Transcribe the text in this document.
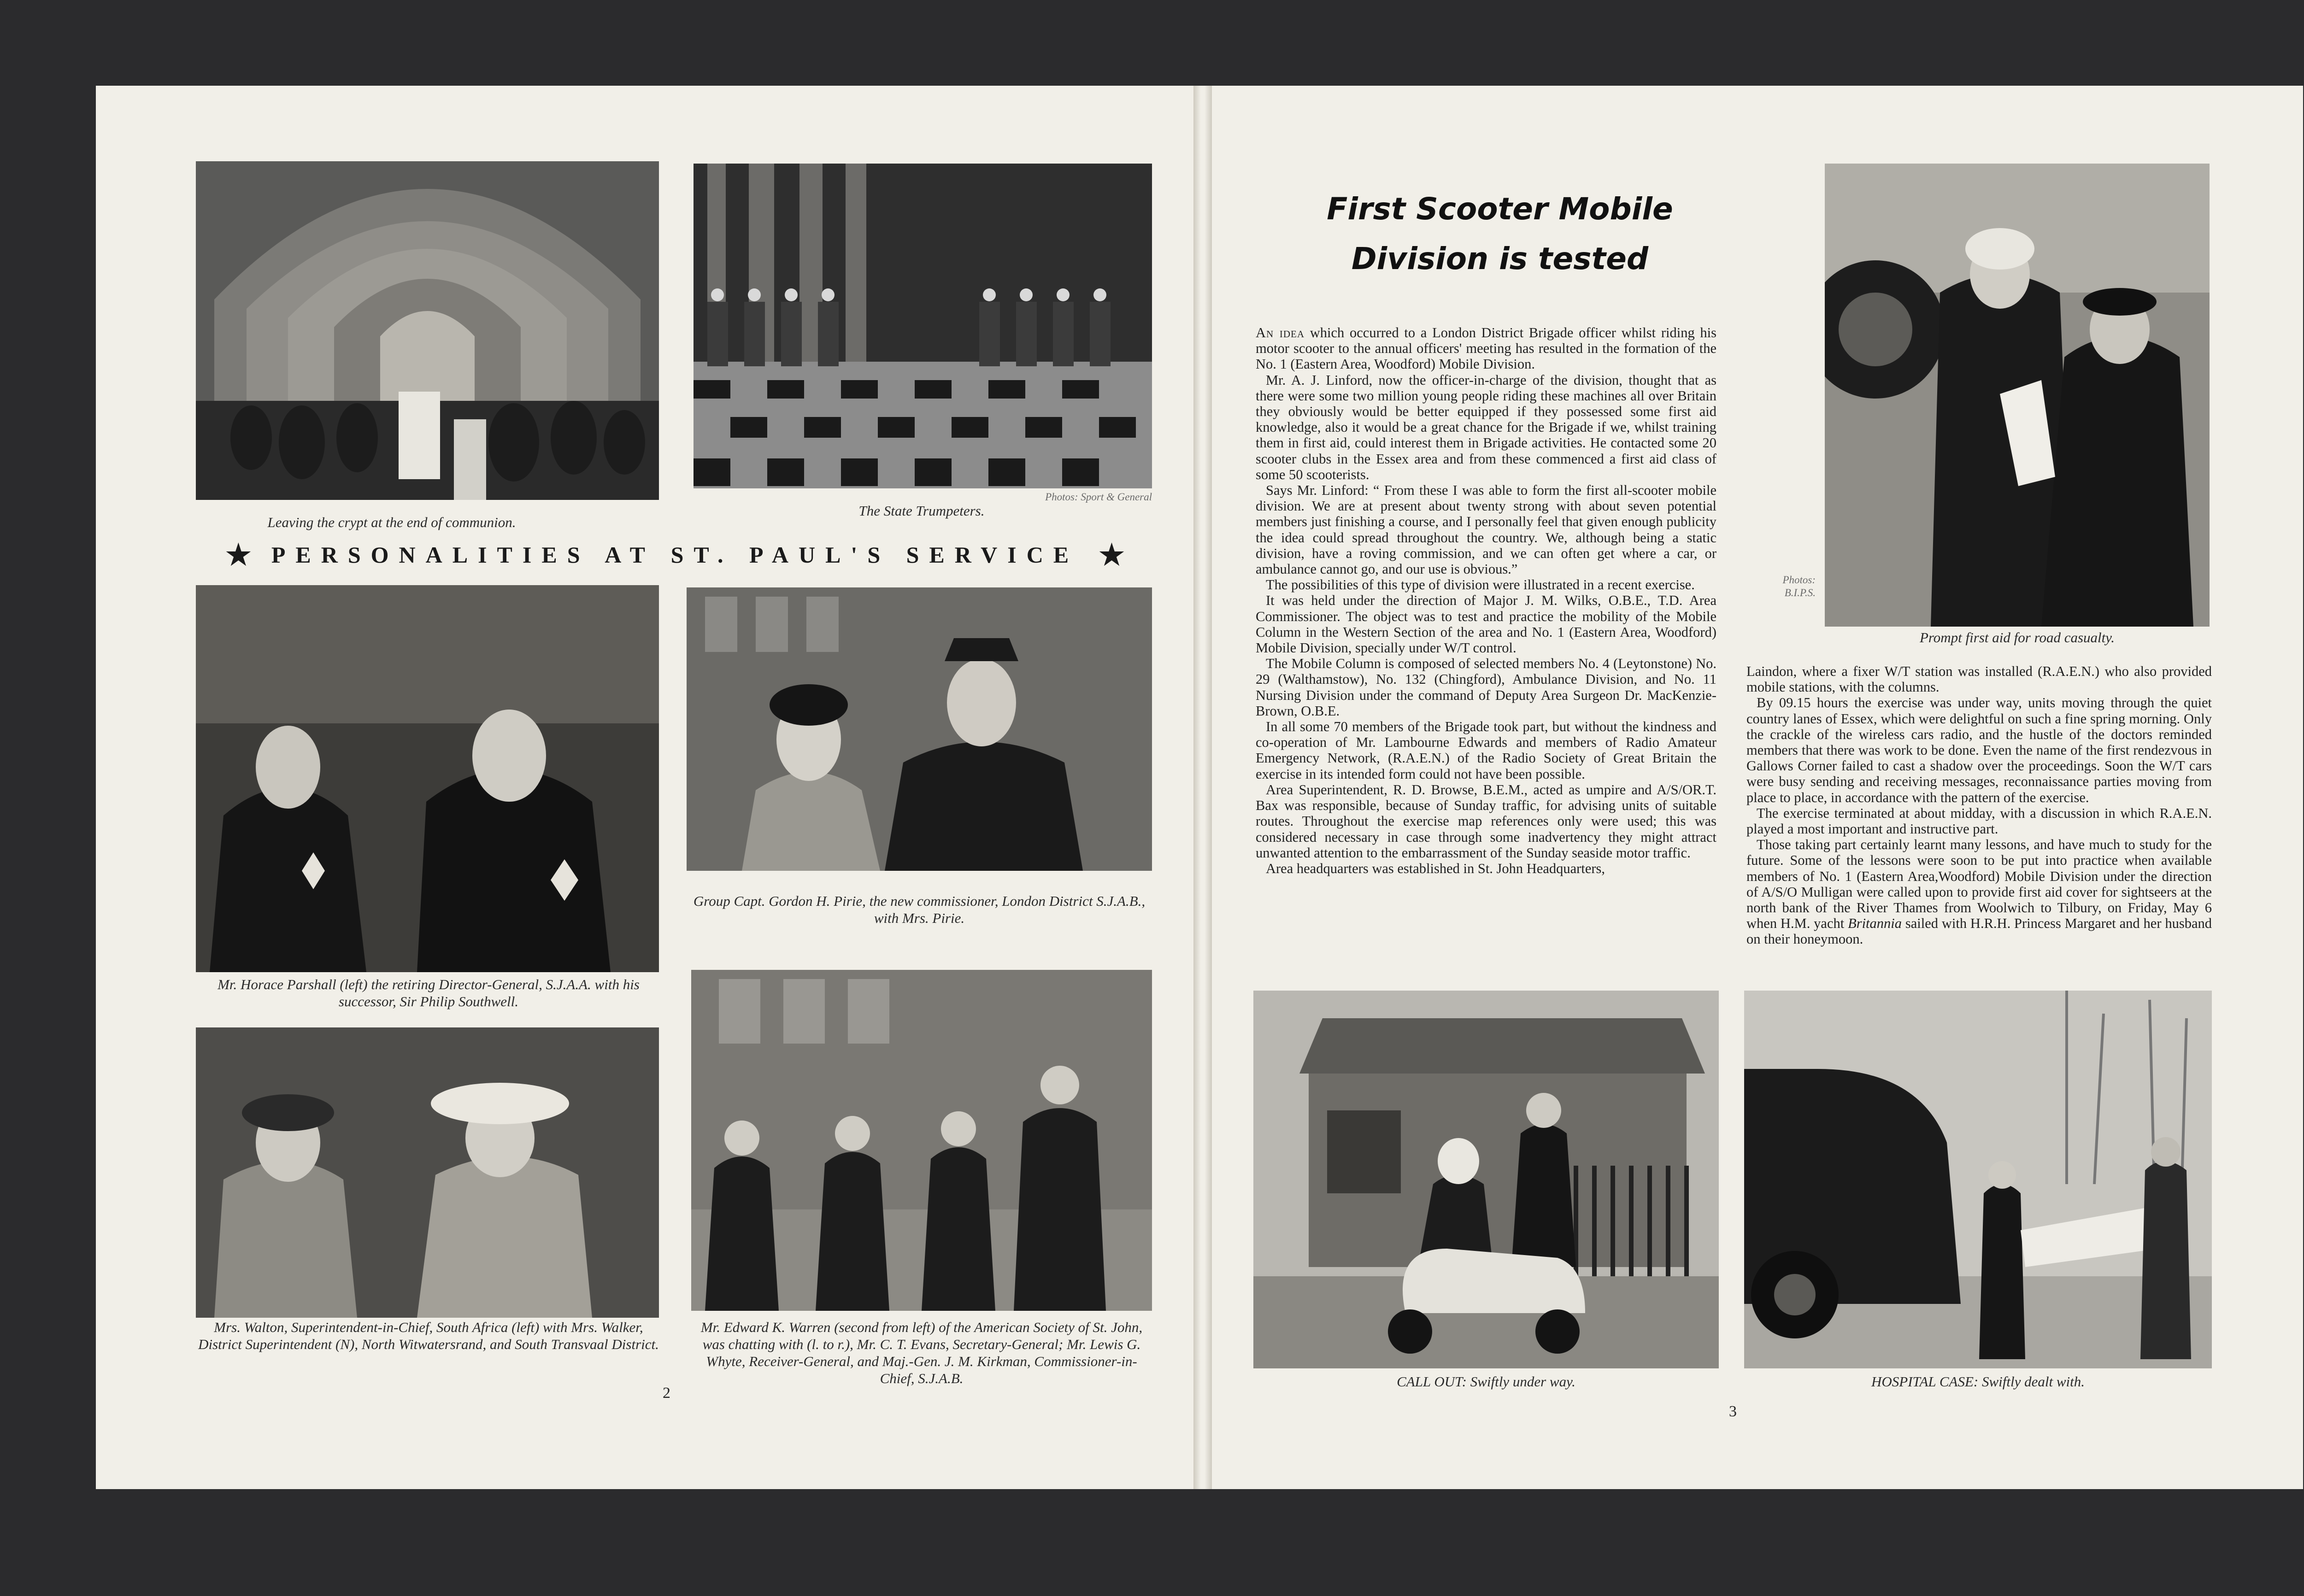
Leaving the crypt at the end of communion.
Photos: Sport & General
The State Trumpeters.
★ PERSONALITIES AT ST. PAUL'S SERVICE ★
Mr. Horace Parshall (left) the retiring Director-General, S.J.A.A. with his successor, Sir Philip Southwell.
Group Capt. Gordon H. Pirie, the new commissioner, London District S.J.A.B., with Mrs. Pirie.
Mrs. Walton, Superintendent-in-Chief, South Africa (left) with Mrs. Walker, District Superintendent (N), North Witwatersrand, and South Transvaal District.
Mr. Edward K. Warren (second from left) of the American Society of St. John, was chatting with (l. to r.), Mr. C. T. Evans, Secretary-General; Mr. Lewis G. Whyte, Receiver-General, and Maj.-Gen. J. M. Kirkman, Commissioner-in-Chief, S.J.A.B.
2
First Scooter Mobile
Division is tested

An idea which occurred to a London District Brigade officer whilst riding his motor scooter to the annual officers' meeting has resulted in the formation of the No. 1 (Eastern Area, Woodford) Mobile Division.

Mr. A. J. Linford, now the officer-in-charge of the division, thought that as there were some two million young people riding these machines all over Britain they obviously would be better equipped if they possessed some first aid knowledge, also it would be a great chance for the Brigade if we, whilst training them in first aid, could interest them in Brigade activities. He contacted some 20 scooter clubs in the Essex area and from these commenced a first aid class of some 50 scooterists.

Says Mr. Linford: “ From these I was able to form the first all-scooter mobile division. We are at present about twenty strong with about seven potential members just finishing a course, and I personally feel that given enough publicity the idea could spread throughout the country. We, although being a static division, have a roving commission, and we can often get where a car, or ambulance cannot go, and our use is obvious.”

The possibilities of this type of division were illustrated in a recent exercise.

It was held under the direction of Major J. M. Wilks, O.B.E., T.D. Area Commissioner. The object was to test and practice the mobility of the Mobile Column in the Western Section of the area and No. 1 (Eastern Area, Woodford) Mobile Division, specially under W/T control.

The Mobile Column is composed of selected members No. 4 (Leytonstone) No. 29 (Walthamstow), No. 132 (Chingford), Ambulance Division, and No. 11 Nursing Division under the command of Deputy Area Surgeon Dr. MacKenzie-Brown, O.B.E.

In all some 70 members of the Brigade took part, but without the kindness and co-operation of Mr. Lambourne Edwards and members of Radio Amateur Emergency Network, (R.A.E.N.) of the Radio Society of Great Britain the exercise in its intended form could not have been possible.

Area Superintendent, R. D. Browse, B.E.M., acted as umpire and A/S/OR.T. Bax was responsible, because of Sunday traffic, for advising units of suitable routes. Throughout the exercise map references only were used; this was considered necessary in case through some inadvertency they might attract unwanted attention to the embarrassment of the Sunday seaside motor traffic.

Area headquarters was established in St. John Headquarters,

Laindon, where a fixer W/T station was installed (R.A.E.N.) who also provided mobile stations, with the columns.

By 09.15 hours the exercise was under way, units moving through the quiet country lanes of Essex, which were delightful on such a fine spring morning. Only the crackle of the wireless cars radio, and the hustle of the doctors reminded members that there was work to be done. Even the name of the first rendezvous in Gallows Corner failed to cast a shadow over the proceedings. Soon the W/T cars were busy sending and receiving messages, reconnaissance parties moving from place to place, in accordance with the pattern of the exercise.

The exercise terminated at about midday, with a discussion in which R.A.E.N. played a most important and instructive part.

Those taking part certainly learnt many lessons, and have much to study for the future. Some of the lessons were soon to be put into practice when available members of No. 1 (Eastern Area,Woodford) Mobile Division under the direction of A/S/O Mulligan were called upon to provide first aid cover for sightseers at the north bank of the River Thames from Woolwich to Tilbury, on Friday, May 6 when H.M. yacht Britannia sailed with H.R.H. Princess Margaret and her husband on their honeymoon.

Photos:
B.I.P.S.
Prompt first aid for road casualty.
CALL OUT: Swiftly under way.	HOSPITAL CASE: Swiftly dealt with.
3
